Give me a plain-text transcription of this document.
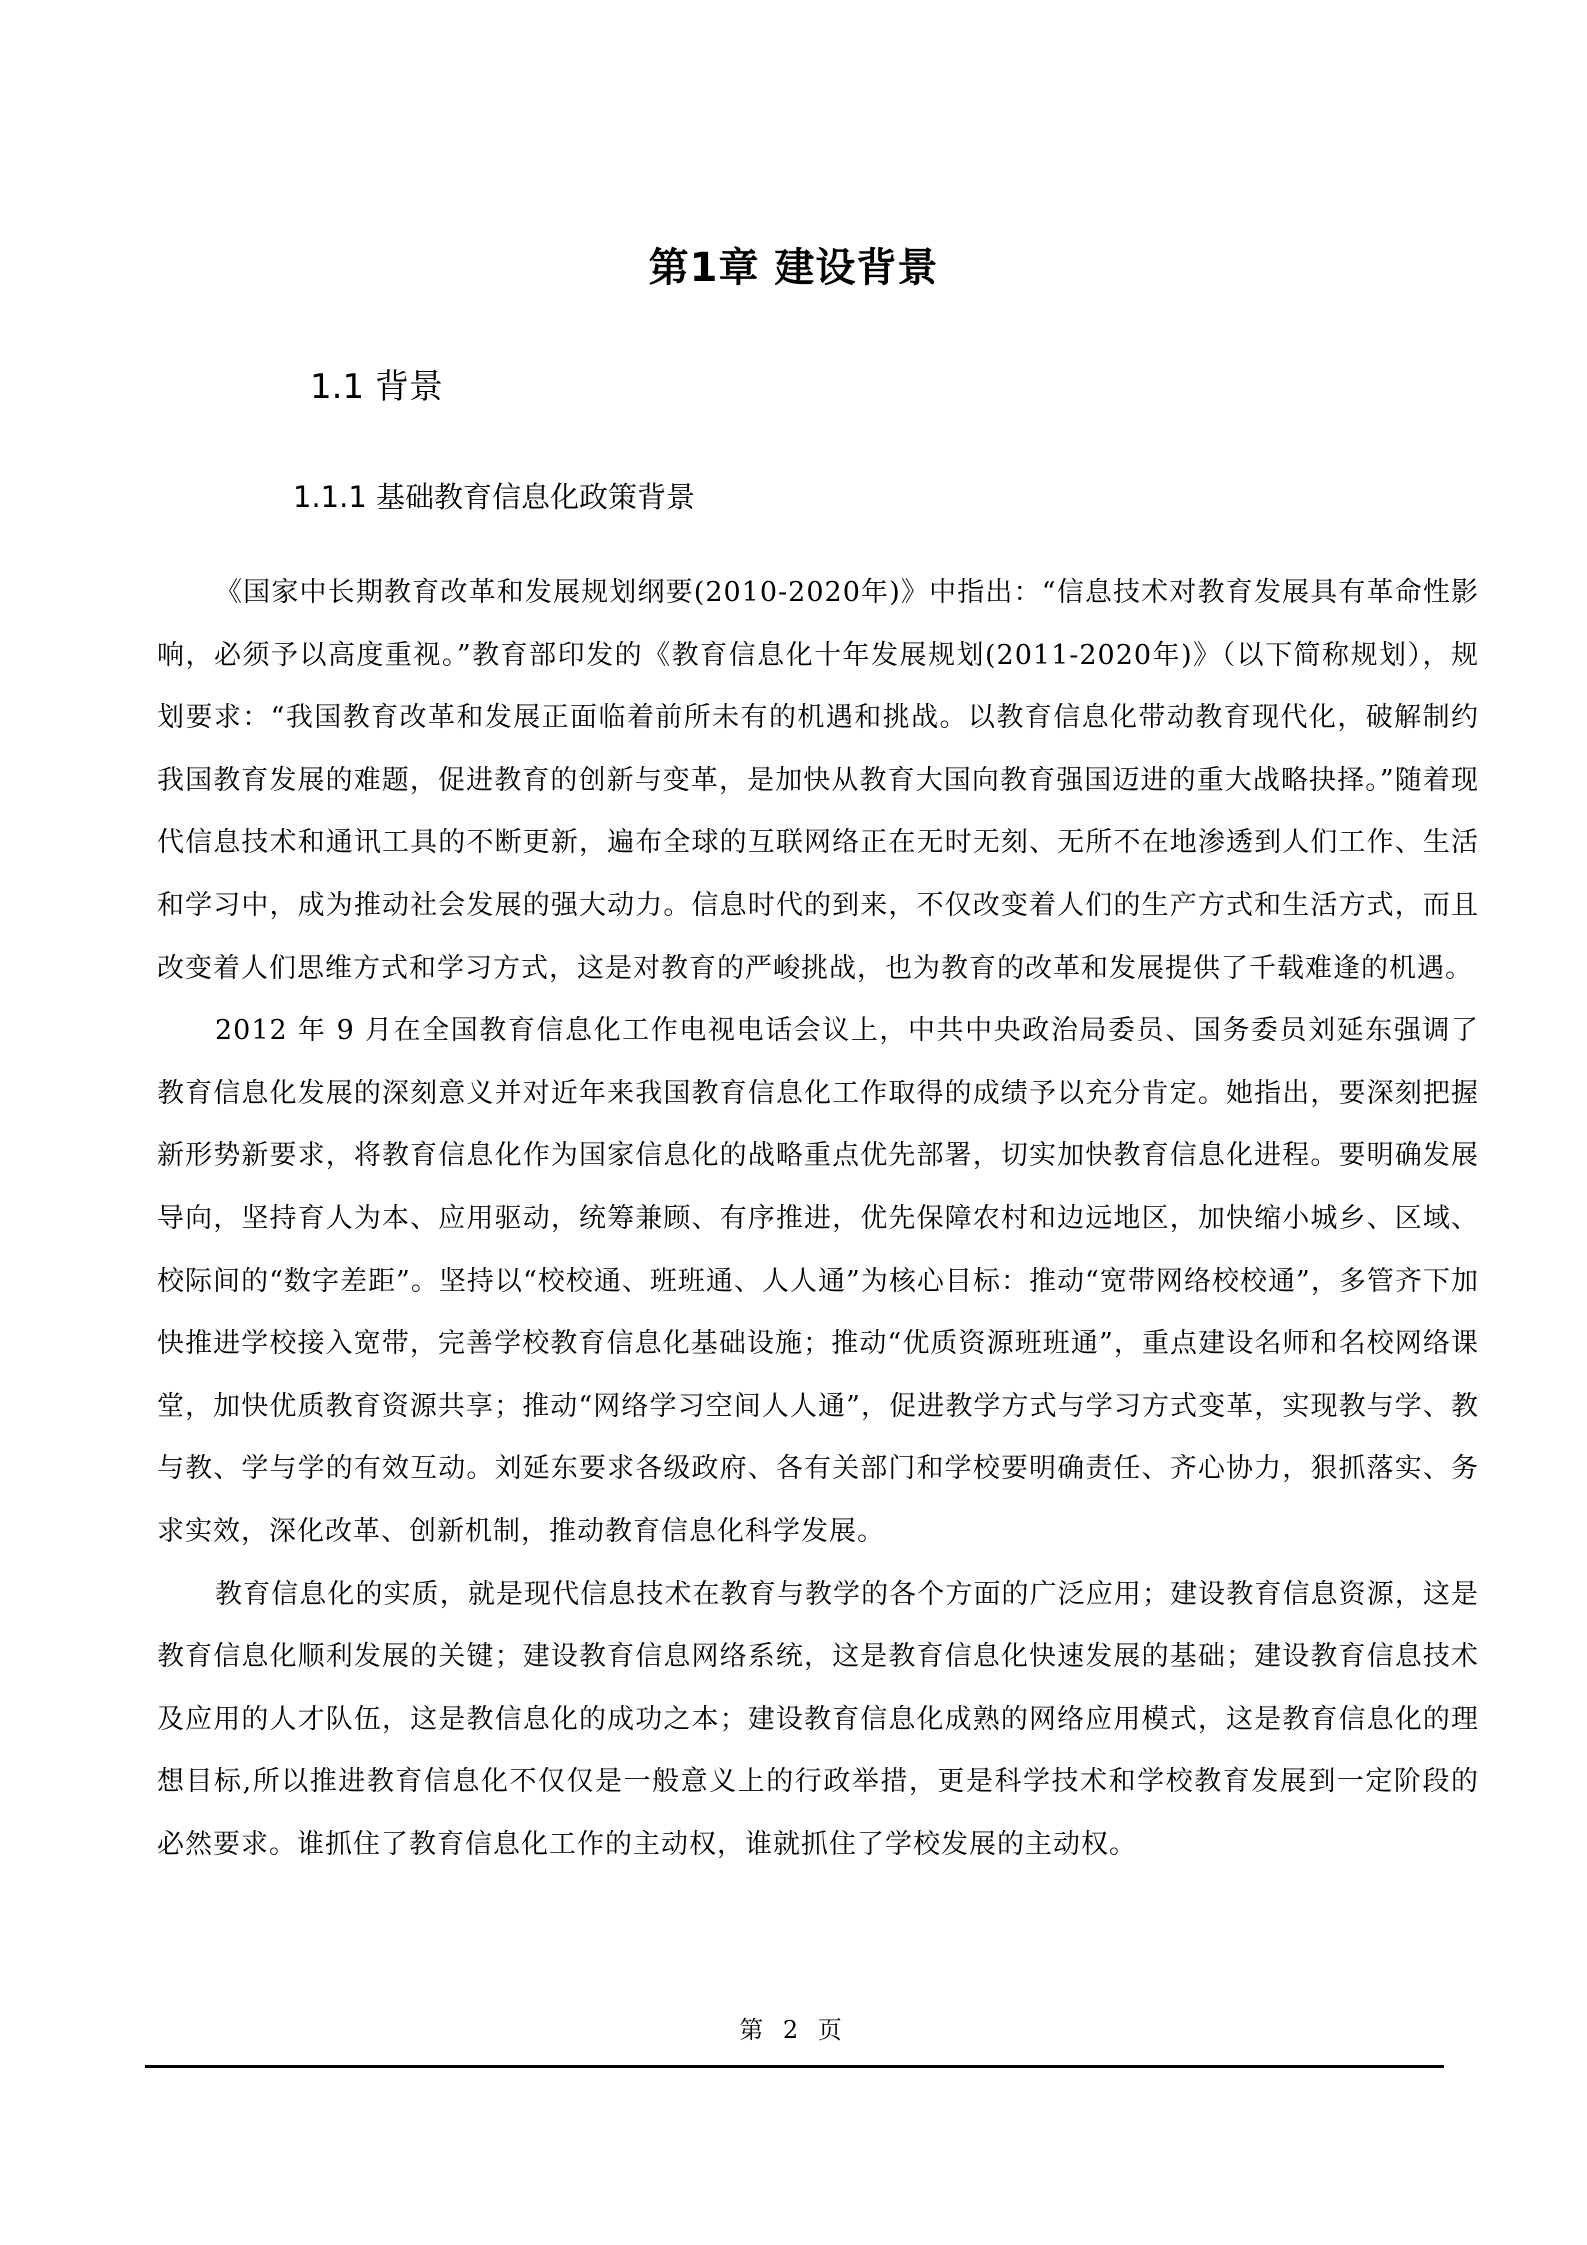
第1章 建设背景
1.1 背景
1.1.1 基础教育信息化政策背景

《国家中长期教育改革和发展规划纲要(2010-2020年)》中指出：“信息技术对教育发展具有革命性影响，必须予以高度重视。”教育部印发的《教育信息化十年发展规划(2011-2020年)》（以下简称规划），规划要求：“我国教育改革和发展正面临着前所未有的机遇和挑战。以教育信息化带动教育现代化，破解制约我国教育发展的难题，促进教育的创新与变革，是加快从教育大国向教育强国迈进的重大战略抉择。”随着现代信息技术和通讯工具的不断更新，遍布全球的互联网络正在无时无刻、无所不在地渗透到人们工作、生活和学习中，成为推动社会发展的强大动力。信息时代的到来，不仅改变着人们的生产方式和生活方式，而且改变着人们思维方式和学习方式，这是对教育的严峻挑战，也为教育的改革和发展提供了千载难逢的机遇。

2012 年 9 月在全国教育信息化工作电视电话会议上，中共中央政治局委员、国务委员刘延东强调了教育信息化发展的深刻意义并对近年来我国教育信息化工作取得的成绩予以充分肯定。她指出，要深刻把握新形势新要求，将教育信息化作为国家信息化的战略重点优先部署，切实加快教育信息化进程。要明确发展导向，坚持育人为本、应用驱动，统筹兼顾、有序推进，优先保障农村和边远地区，加快缩小城乡、区域、校际间的“数字差距”。坚持以“校校通、班班通、人人通”为核心目标：推动“宽带网络校校通”，多管齐下加快推进学校接入宽带，完善学校教育信息化基础设施；推动“优质资源班班通”，重点建设名师和名校网络课堂，加快优质教育资源共享；推动“网络学习空间人人通”，促进教学方式与学习方式变革，实现教与学、教与教、学与学的有效互动。刘延东要求各级政府、各有关部门和学校要明确责任、齐心协力，狠抓落实、务求实效，深化改革、创新机制，推动教育信息化科学发展。

教育信息化的实质，就是现代信息技术在教育与教学的各个方面的广泛应用；建设教育信息资源，这是教育信息化顺利发展的关键；建设教育信息网络系统，这是教育信息化快速发展的基础；建设教育信息技术及应用的人才队伍，这是教信息化的成功之本；建设教育信息化成熟的网络应用模式，这是教育信息化的理想目标,所以推进教育信息化不仅仅是一般意义上的行政举措，更是科学技术和学校教育发展到一定阶段的必然要求。谁抓住了教育信息化工作的主动权，谁就抓住了学校发展的主动权。

第 2 页
